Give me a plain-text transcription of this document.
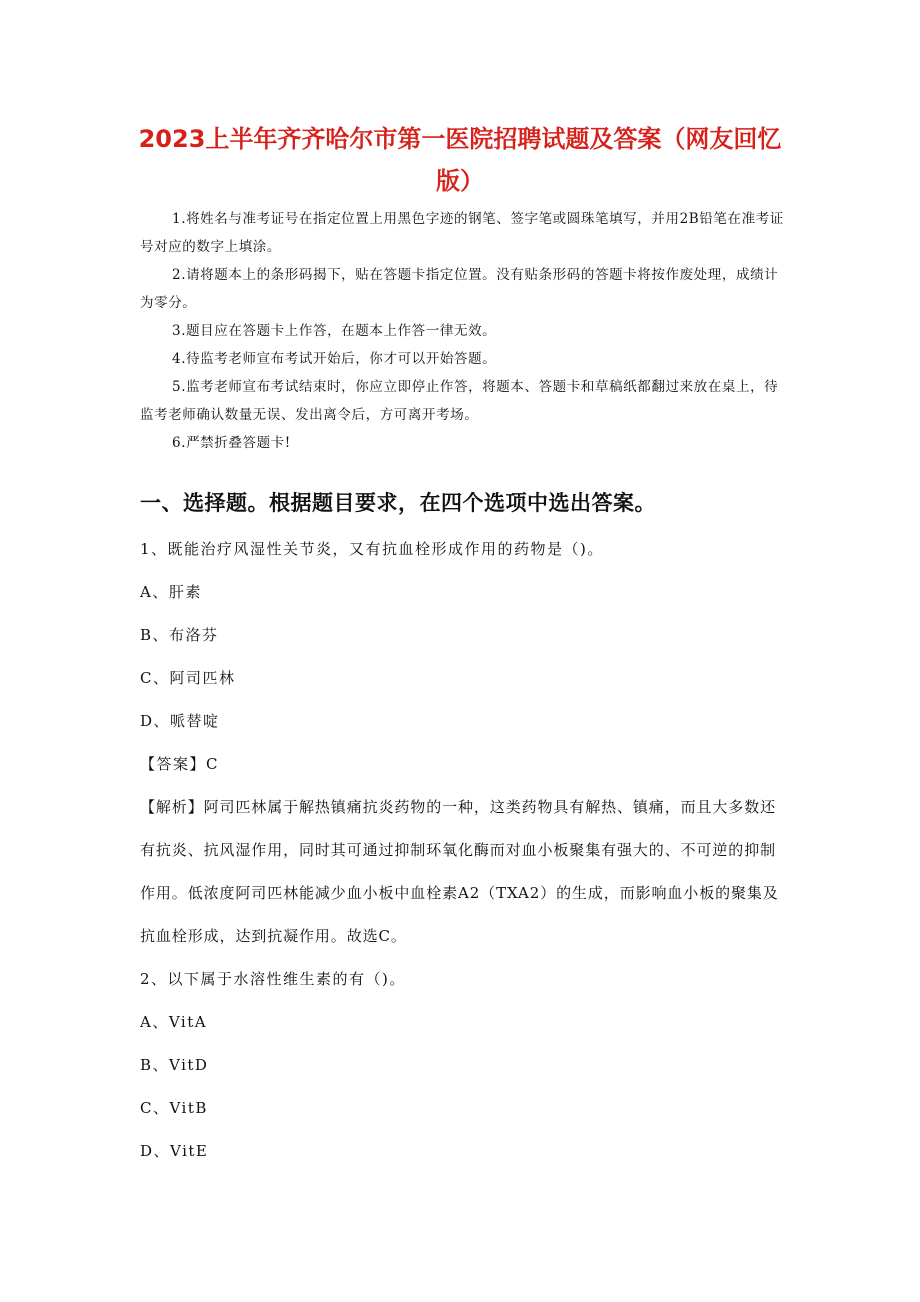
2023上半年齐齐哈尔市第一医院招聘试题及答案（网友回忆版）

1.将姓名与准考证号在指定位置上用黑色字迹的钢笔、签字笔或圆珠笔填写，并用2B铅笔在准考证号对应的数字上填涂。

2.请将题本上的条形码揭下，贴在答题卡指定位置。没有贴条形码的答题卡将按作废处理，成绩计为零分。

3.题目应在答题卡上作答，在题本上作答一律无效。

4.待监考老师宣布考试开始后，你才可以开始答题。

5.监考老师宣布考试结束时，你应立即停止作答，将题本、答题卡和草稿纸都翻过来放在桌上，待监考老师确认数量无误、发出离令后，方可离开考场。

6.严禁折叠答题卡!

一、选择题。根据题目要求，在四个选项中选出答案。

1、既能治疗风湿性关节炎，又有抗血栓形成作用的药物是（)。

A、肝素

B、布洛芬

C、阿司匹林

D、哌替啶

【答案】C

【解析】阿司匹林属于解热镇痛抗炎药物的一种，这类药物具有解热、镇痛，而且大多数还有抗炎、抗风湿作用，同时其可通过抑制环氧化酶而对血小板聚集有强大的、不可逆的抑制作用。低浓度阿司匹林能减少血小板中血栓素A2（TXA2）的生成，而影响血小板的聚集及抗血栓形成，达到抗凝作用。故选C。

2、以下属于水溶性维生素的有（)。

A、VitA

B、VitD

C、VitB

D、VitE
